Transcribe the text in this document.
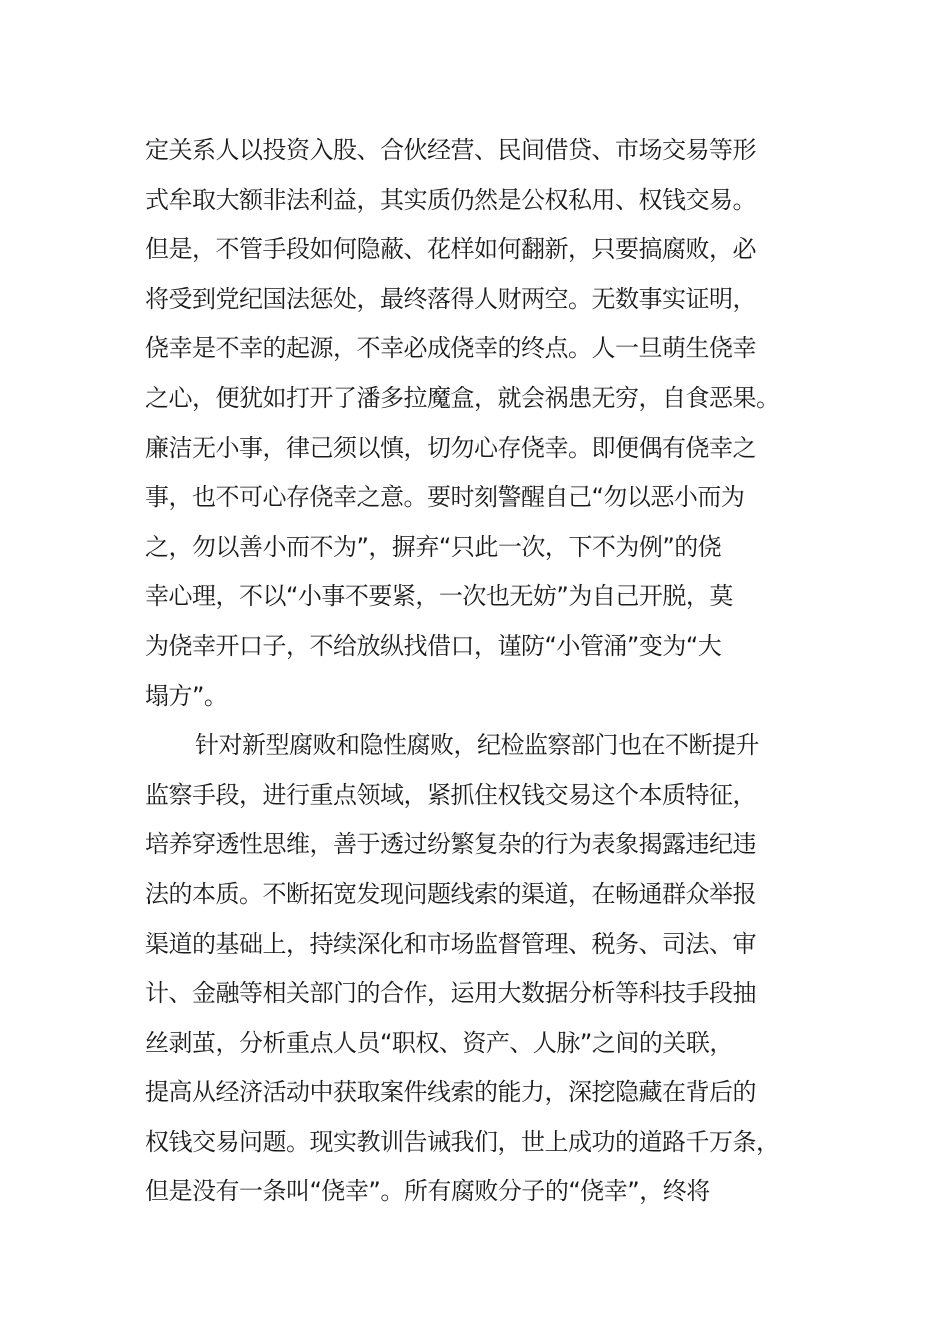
定关系人以投资入股、合伙经营、民间借贷、市场交易等形
式牟取大额非法利益，其实质仍然是公权私用、权钱交易。
但是，不管手段如何隐蔽、花样如何翻新，只要搞腐败，必
将受到党纪国法惩处，最终落得人财两空。无数事实证明，
侥幸是不幸的起源，不幸必成侥幸的终点。人一旦萌生侥幸
之心，便犹如打开了潘多拉魔盒，就会祸患无穷，自食恶果。
廉洁无小事，律己须以慎，切勿心存侥幸。即便偶有侥幸之
事，也不可心存侥幸之意。要时刻警醒自己“勿以恶小而为
之，勿以善小而不为”，摒弃“只此一次，下不为例”的侥
幸心理，不以“小事不要紧，一次也无妨”为自己开脱，莫
为侥幸开口子，不给放纵找借口，谨防“小管涌”变为“大
塌方”。
针对新型腐败和隐性腐败，纪检监察部门也在不断提升
监察手段，进行重点领域，紧抓住权钱交易这个本质特征，
培养穿透性思维，善于透过纷繁复杂的行为表象揭露违纪违
法的本质。不断拓宽发现问题线索的渠道，在畅通群众举报
渠道的基础上，持续深化和市场监督管理、税务、司法、审
计、金融等相关部门的合作，运用大数据分析等科技手段抽
丝剥茧，分析重点人员“职权、资产、人脉”之间的关联，
提高从经济活动中获取案件线索的能力，深挖隐藏在背后的
权钱交易问题。现实教训告诫我们，世上成功的道路千万条，
但是没有一条叫“侥幸”。所有腐败分子的“侥幸”，终将
